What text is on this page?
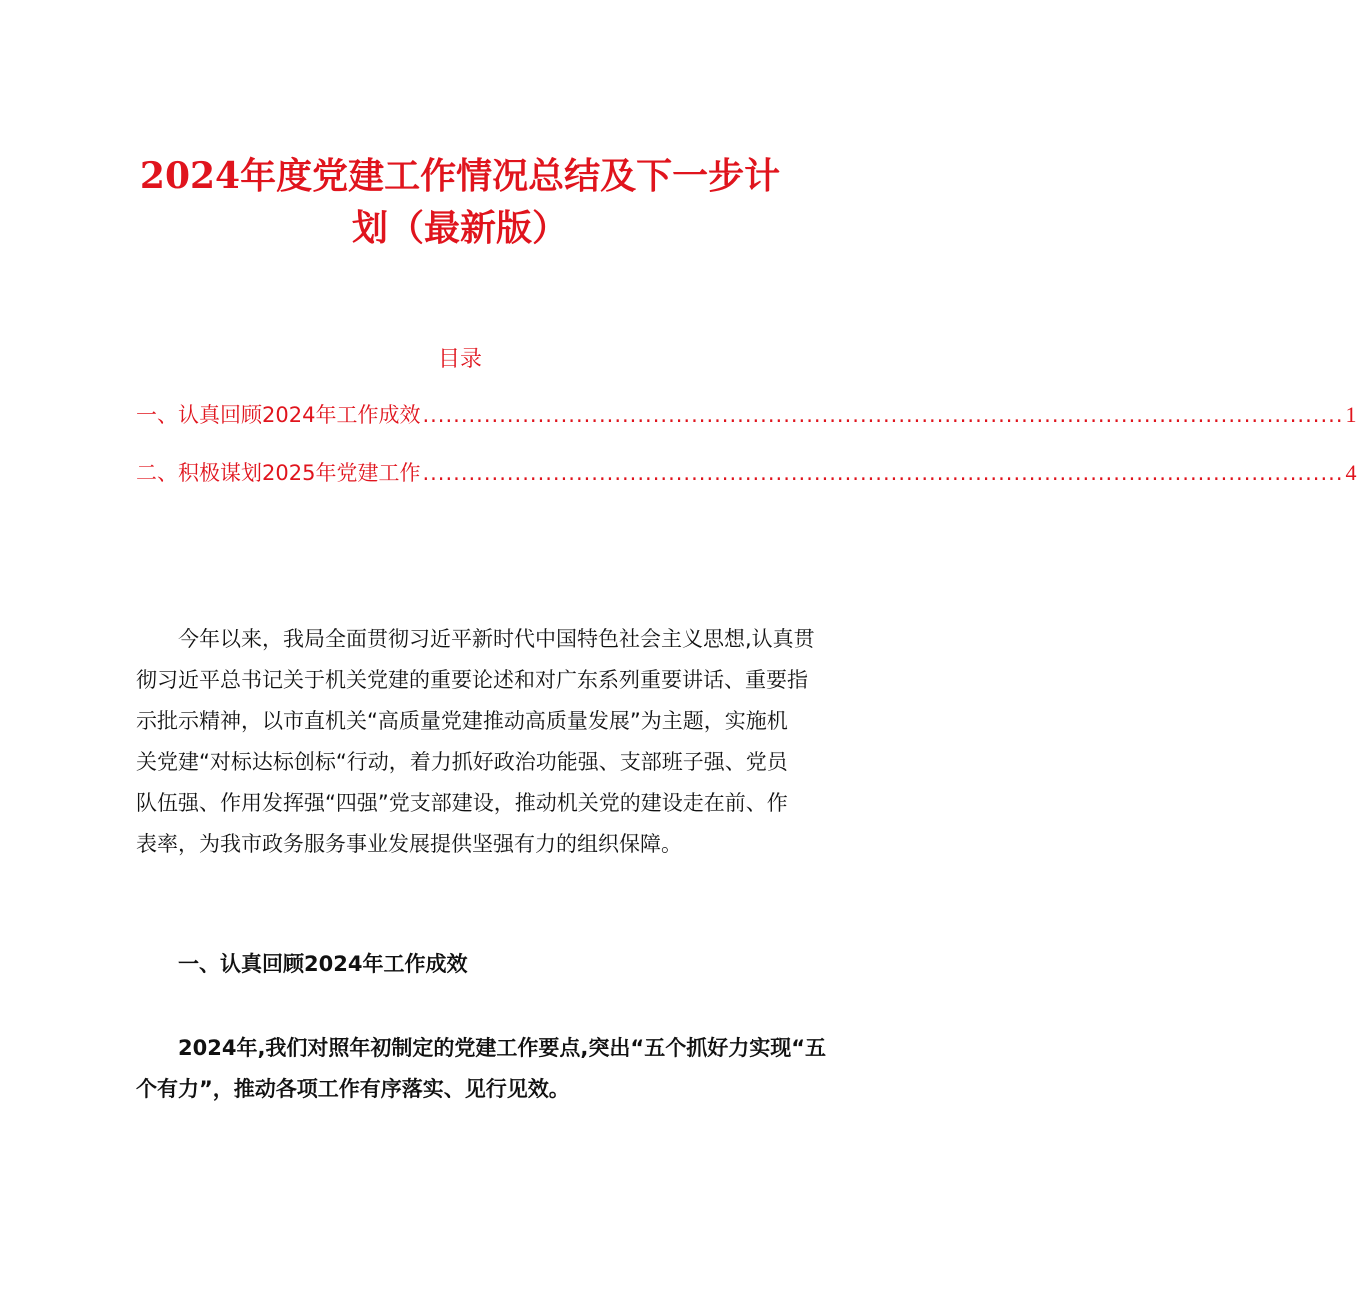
2024年度党建工作情况总结及下一步计
划（最新版）
目录
一、认真回顾2024年工作成效 ........................................................................................................................ 1
二、积极谋划2025年党建工作 ........................................................................................................................ 4
今年以来，我局全面贯彻习近平新时代中国特色社会主义思想,认真贯
彻习近平总书记关于机关党建的重要论述和对广东系列重要讲话、重要指
示批示精神，以市直机关“高质量党建推动高质量发展”为主题，实施机
关党建“对标达标创标“行动，着力抓好政治功能强、支部班子强、党员
队伍强、作用发挥强“四强”党支部建设，推动机关党的建设走在前、作
表率，为我市政务服务事业发展提供坚强有力的组织保障。
一、认真回顾2024年工作成效
2024年,我们对照年初制定的党建工作要点,突出“五个抓好力实现“五
个有力”，推动各项工作有序落实、见行见效。
